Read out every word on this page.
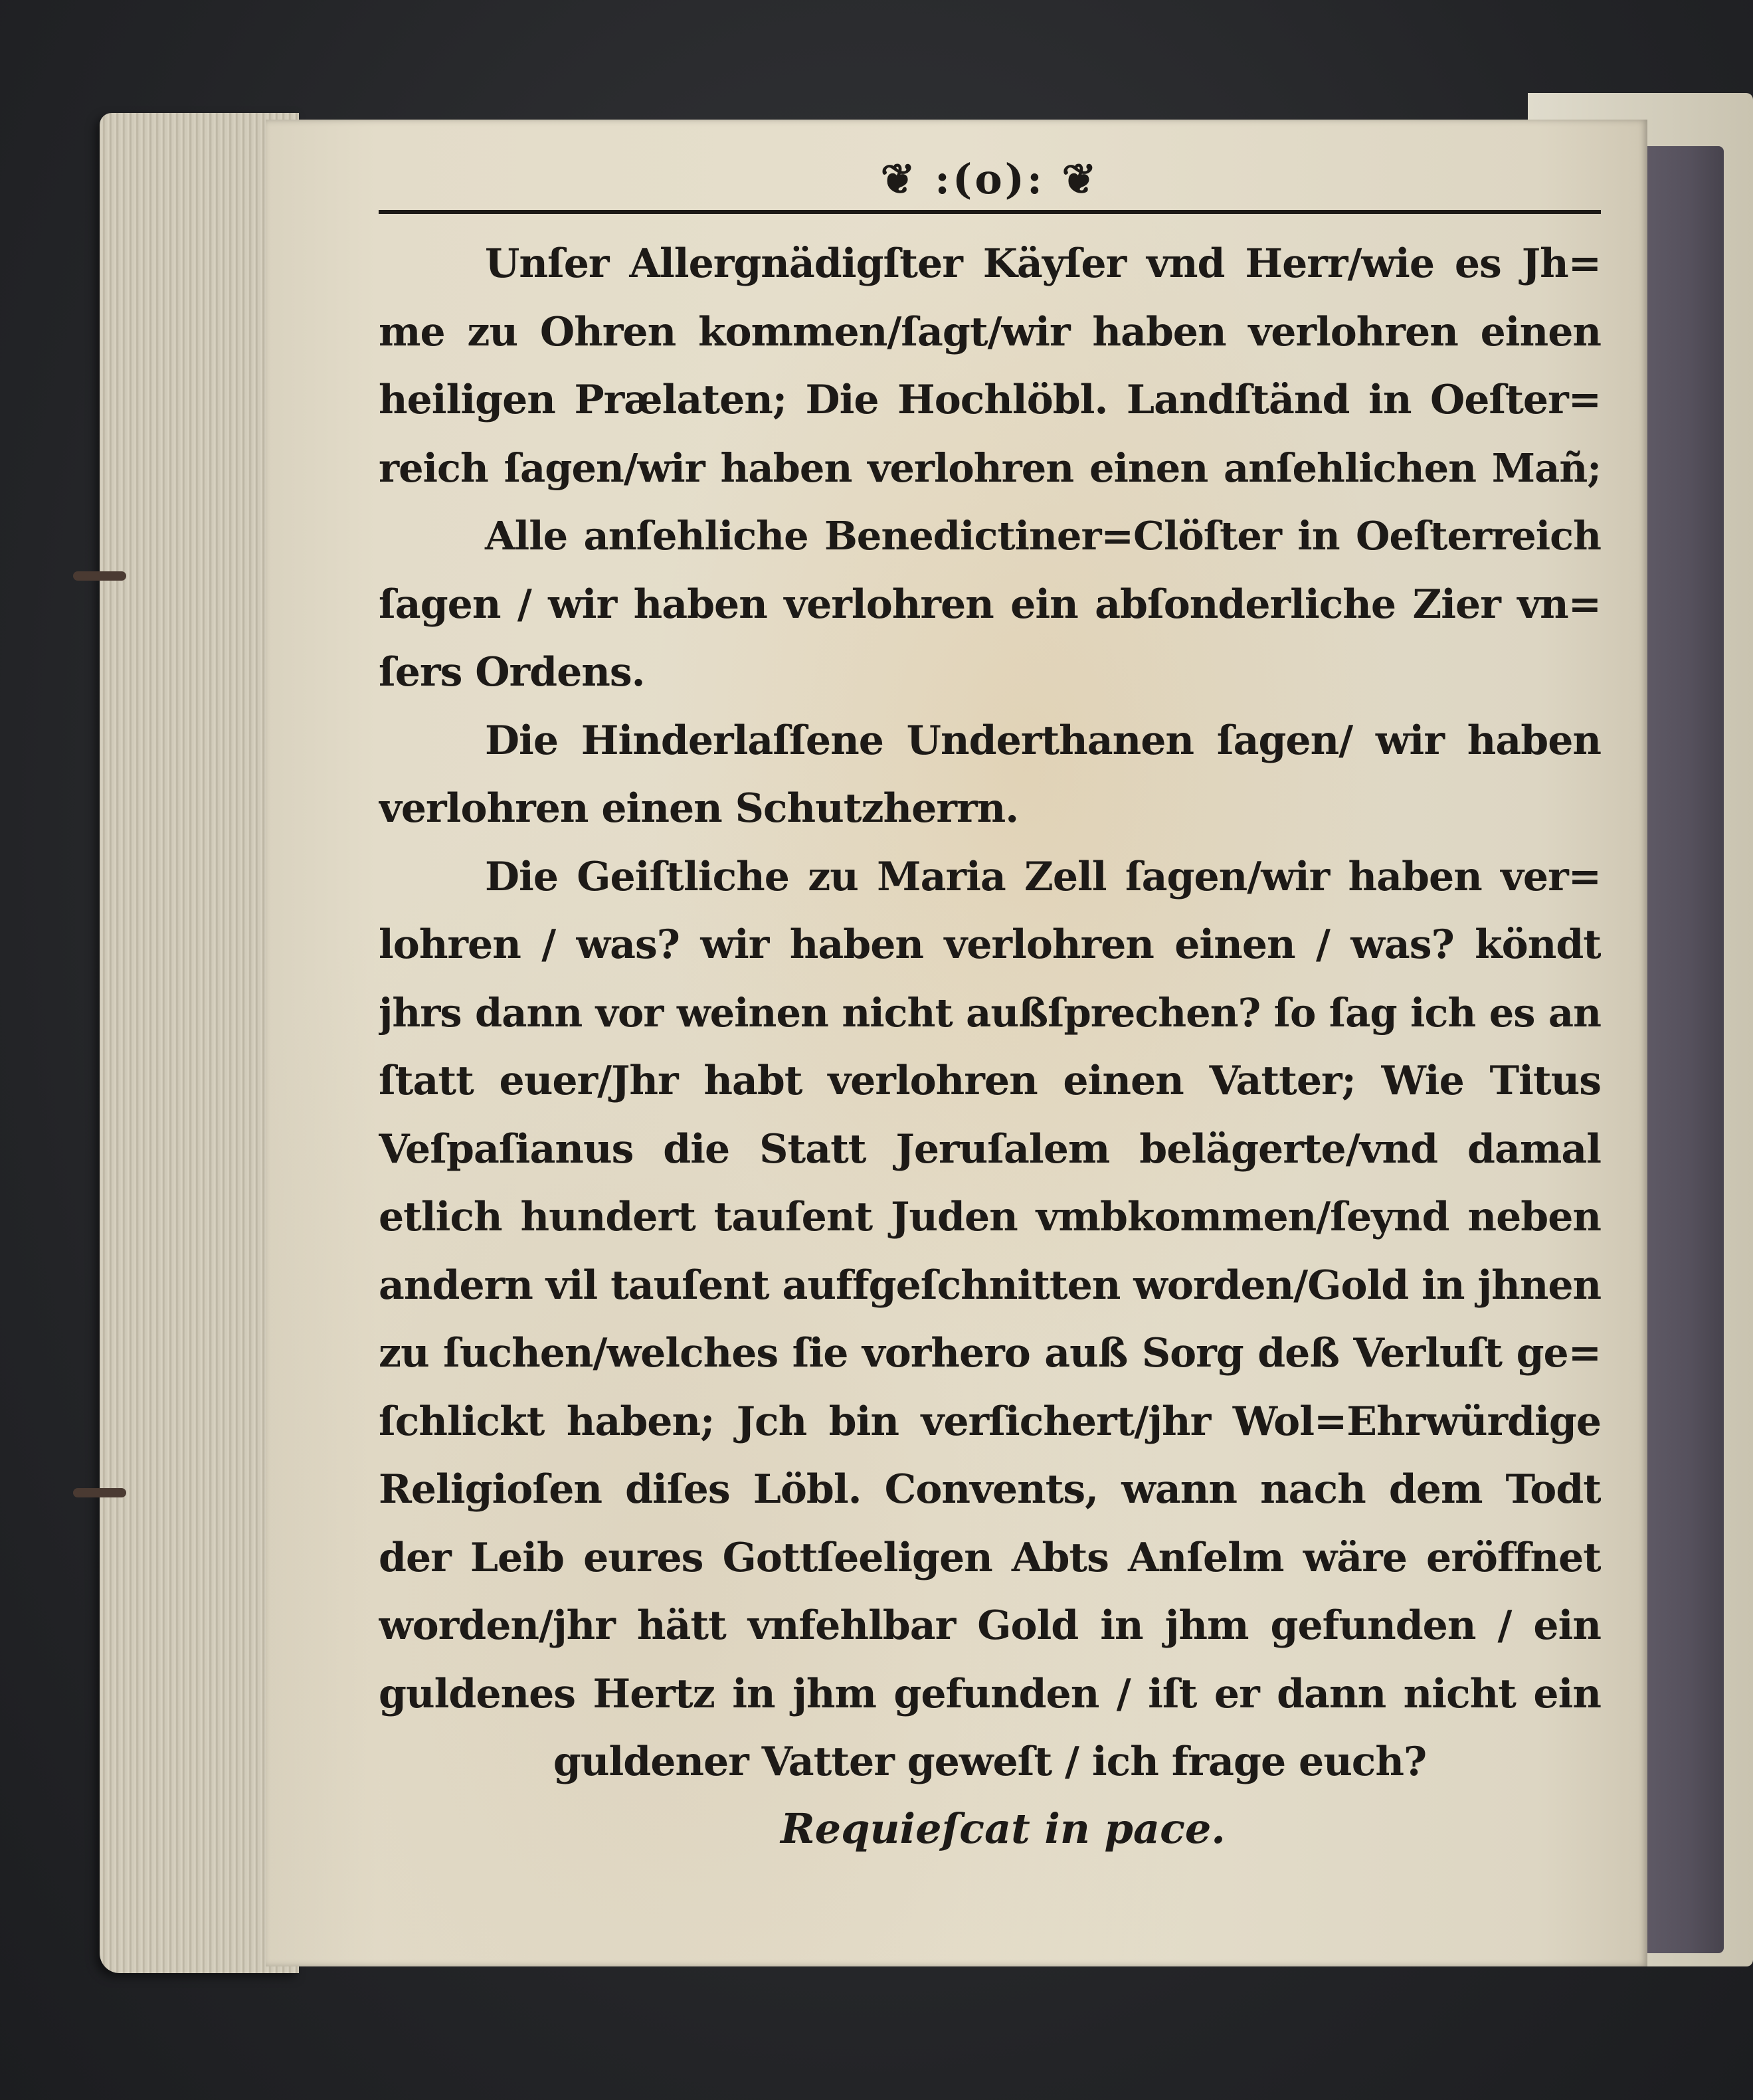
❦ :(o): ❦

Unſer Allergnädigſter Käyſer vnd Herr/wie es Jh=
me zu Ohren kommen/ſagt/wir haben verlohren einen
heiligen Prælaten; Die Hochlöbl. Landſtänd in Oeſter=
reich ſagen/wir haben verlohren einen anſehlichen Mañ;

Alle anſehliche Benedictiner=Clöſter in Oeſterreich
ſagen / wir haben verlohren ein abſonderliche Zier vn=
ſers Ordens.

Die Hinderlaſſene Underthanen ſagen/ wir haben
verlohren einen Schutzherrn.

Die Geiſtliche zu Maria Zell ſagen/wir haben ver=
lohren / was? wir haben verlohren einen / was? köndt
jhrs dann vor weinen nicht außſprechen? ſo ſag ich es an
ſtatt euer/Jhr habt verlohren einen Vatter; Wie Titus
Veſpaſianus die Statt Jeruſalem belägerte/vnd damal
etlich hundert tauſent Juden vmbkommen/ſeynd neben
andern vil tauſent auffgeſchnitten worden/Gold in jhnen
zu ſuchen/welches ſie vorhero auß Sorg deß Verluſt ge=
ſchlickt haben; Jch bin verſichert/jhr Wol=Ehrwürdige
Religioſen diſes Löbl. Convents, wann nach dem Todt
der Leib eures Gottſeeligen Abts Anſelm wäre eröffnet
worden/jhr hätt vnfehlbar Gold in jhm gefunden / ein
guldenes Hertz in jhm gefunden / iſt er dann nicht ein
guldener Vatter geweſt / ich frage euch?

Requieſcat in pace.
